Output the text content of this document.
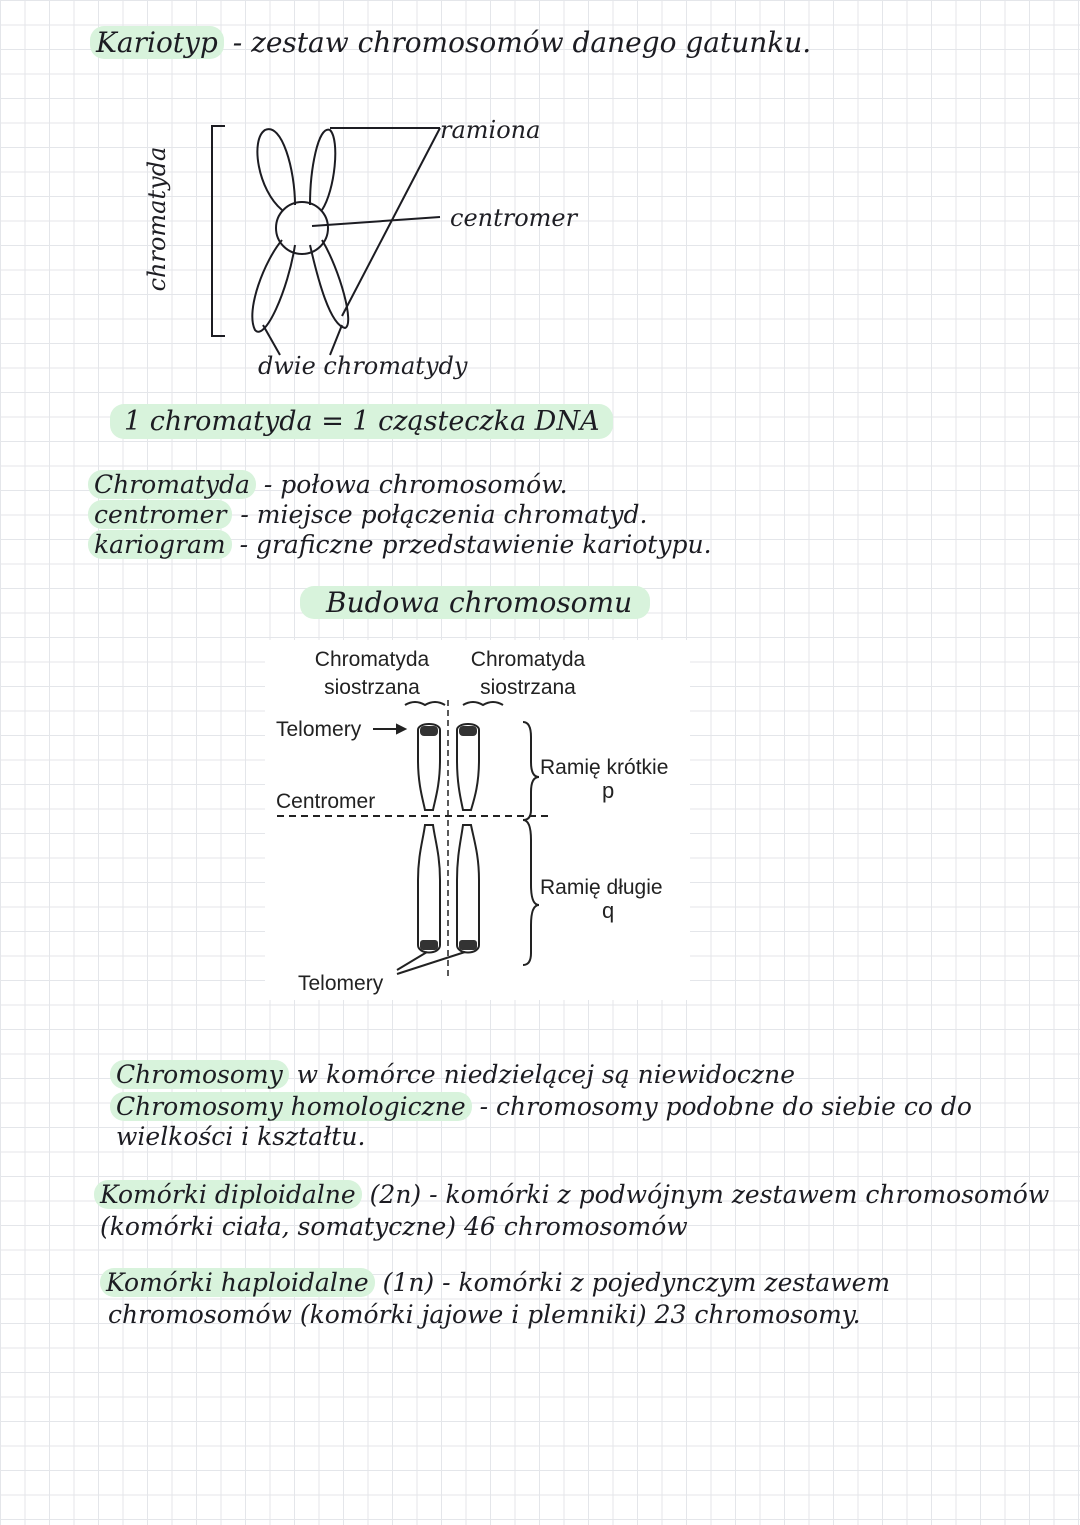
Kariotyp - zestaw chromosomów danego gatunku.
ramiona
centromer
chromatyda
dwie chromatydy
1 chromatyda = 1 cząsteczka DNA
Chromatyda - połowa chromosomów.
centromer - miejsce połączenia chromatyd.
kariogram - graficzne przedstawienie kariotypu.
Budowa chromosomu
Chromatyda
siostrzana
Chromatyda
siostrzana
Telomery
Centromer
Ramię krótkie
p
Ramię długie
q
Telomery
Chromosomy w komórce niedzielącej są niewidoczne
Chromosomy homologiczne - chromosomy podobne do siebie co do
wielkości i kształtu.
Komórki diploidalne (2n) - komórki z podwójnym zestawem chromosomów
(komórki ciała, somatyczne) 46 chromosomów
Komórki haploidalne (1n) - komórki z pojedynczym zestawem
chromosomów (komórki jajowe i plemniki) 23 chromosomy.
